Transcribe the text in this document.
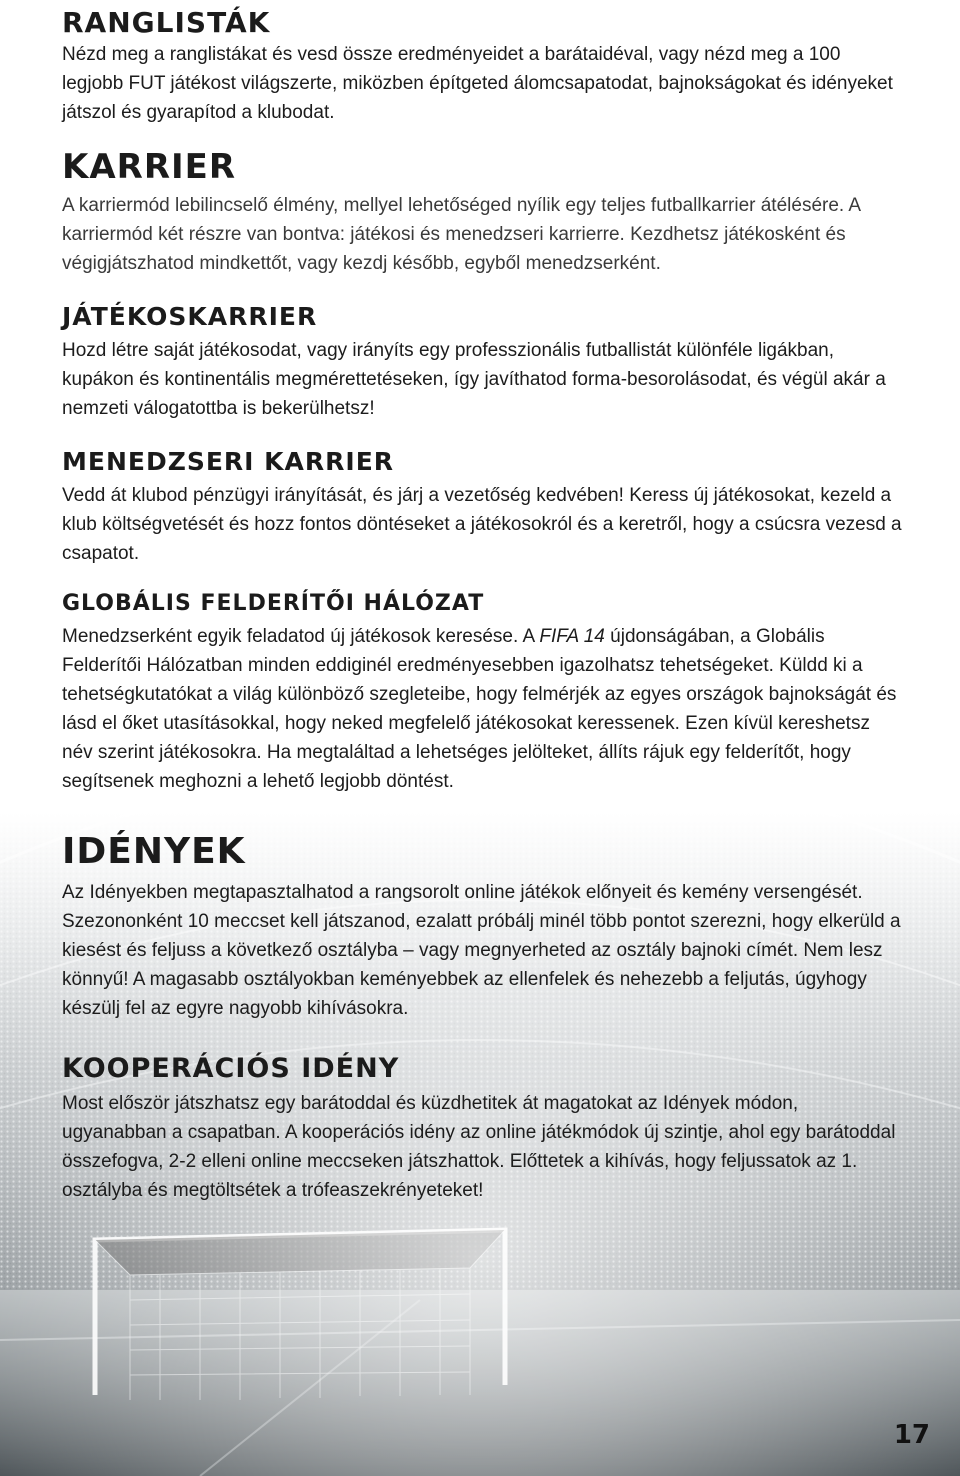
RANGLISTÁK

Nézd meg a ranglistákat és vesd össze eredményeidet a barátaidéval, vagy nézd meg a 100 legjobb FUT játékost világszerte, miközben építgeted álomcsapatodat, bajnokságokat és idényeket játszol és gyarapítod a klubodat.

KARRIER

A karriermód lebilincselő élmény, mellyel lehetőséged nyílik egy teljes futballkarrier átélésére. A karriermód két részre van bontva: játékosi és menedzseri karrierre. Kezdhetsz játékosként és végigjátszhatod mindkettőt, vagy kezdj később, egyből menedzserként.

JÁTÉKOSKARRIER

Hozd létre saját játékosodat, vagy irányíts egy professzionális futballistát különféle ligákban, kupákon és kontinentális megmérettetéseken, így javíthatod forma-besorolásodat, és végül akár a nemzeti válogatottba is bekerülhetsz!

MENEDZSERI KARRIER

Vedd át klubod pénzügyi irányítását, és járj a vezetőség kedvében! Keress új játékosokat, kezeld a klub költségvetését és hozz fontos döntéseket a játékosokról és a keretről, hogy a csúcsra vezesd a csapatot.

GLOBÁLIS FELDERÍTŐI HÁLÓZAT

Menedzserként egyik feladatod új játékosok keresése. A FIFA 14 újdonságában, a Globális Felderítői Hálózatban minden eddiginél eredményesebben igazolhatsz tehetségeket. Küldd ki a tehetségkutatókat a világ különböző szegleteibe, hogy felmérjék az egyes országok bajnokságát és lásd el őket utasításokkal, hogy neked megfelelő játékosokat keressenek. Ezen kívül kereshetsz név szerint játékosokra. Ha megtaláltad a lehetséges jelölteket, állíts rájuk egy felderítőt, hogy segítsenek meghozni a lehető legjobb döntést.

IDÉNYEK

Az Idényekben megtapasztalhatod a rangsorolt online játékok előnyeit és kemény versengését. Szezononként 10 meccset kell játszanod, ezalatt próbálj minél több pontot szerezni, hogy elkerüld a kiesést és feljuss a következő osztályba – vagy megnyerheted az osztály bajnoki címét. Nem lesz könnyű! A magasabb osztályokban keményebbek az ellenfelek és nehezebb a feljutás, úgyhogy készülj fel az egyre nagyobb kihívásokra.

KOOPERÁCIÓS IDÉNY

Most először játszhatsz egy barátoddal és küzdhetitek át magatokat az Idények módon, ugyanabban a csapatban. A kooperációs idény az online játékmódok új szintje, ahol egy barátoddal összefogva, 2-2 elleni online meccseken játszhattok. Előttetek a kihívás, hogy feljussatok az 1. osztályba és megtöltsétek a trófeaszekrényeteket!

17
